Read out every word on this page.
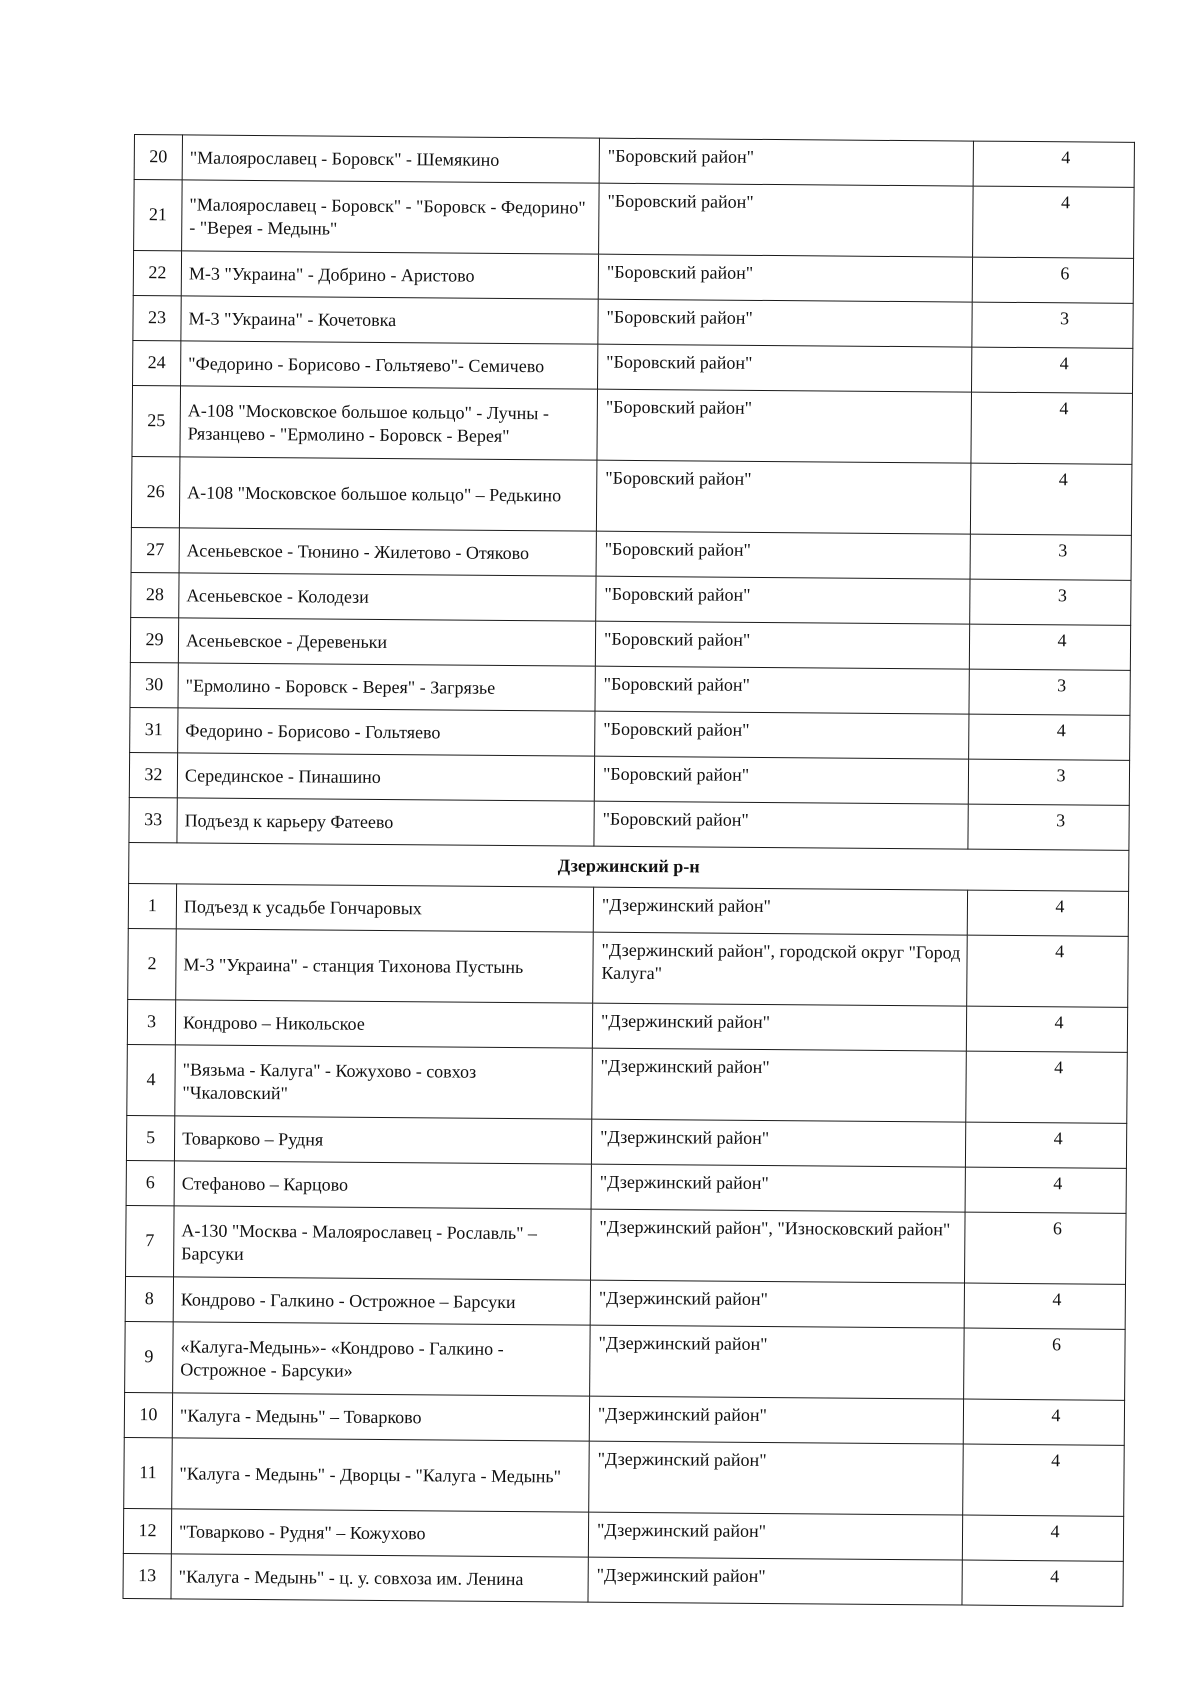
20	"Малоярославец - Боровск" - Шемякино	"Боровский район"	4
21	"Малоярославец - Боровск" - "Боровск - Федорино" - "Верея - Медынь"	"Боровский район"	4
22	М-3 "Украина" - Добрино - Аристово	"Боровский район"	6
23	М-3 "Украина" - Кочетовка	"Боровский район"	3
24	"Федорино - Борисово - Гольтяево"- Семичево	"Боровский район"	4
25	А-108 "Московское большое кольцо" - Лучны - Рязанцево - "Ермолино - Боровск - Верея"	"Боровский район"	4
26	А-108 "Московское большое кольцо" – Редькино	"Боровский район"	4
27	Асеньевское - Тюнино - Жилетово - Отяково	"Боровский район"	3
28	Асеньевское - Колодези	"Боровский район"	3
29	Асеньевское - Деревеньки	"Боровский район"	4
30	"Ермолино - Боровск - Верея" - Загрязье	"Боровский район"	3
31	Федорино - Борисово - Гольтяево	"Боровский район"	4
32	Серединское - Пинашино	"Боровский район"	3
33	Подъезд к карьеру Фатеево	"Боровский район"	3
Дзержинский р-н			
1	Подъезд к усадьбе Гончаровых	"Дзержинский район"	4
2	М-3 "Украина" - станция Тихонова Пустынь	"Дзержинский район", городской округ "Город Калуга"	4
3	Кондрово – Никольское	"Дзержинский район"	4
4	"Вязьма - Калуга" - Кожухово - совхоз "Чкаловский"	"Дзержинский район"	4
5	Товарково – Рудня	"Дзержинский район"	4
6	Стефаново – Карцово	"Дзержинский район"	4
7	А-130 "Москва - Малоярославец - Рославль" – Барсуки	"Дзержинский район", "Износковский район"	6
8	Кондрово - Галкино - Острожное – Барсуки	"Дзержинский район"	4
9	«Калуга-Медынь»- «Кондрово - Галкино - Острожное - Барсуки»	"Дзержинский район"	6
10	"Калуга - Медынь" – Товарково	"Дзержинский район"	4
11	"Калуга - Медынь" - Дворцы - "Калуга - Медынь"	"Дзержинский район"	4
12	"Товарково - Рудня" – Кожухово	"Дзержинский район"	4
13	"Калуга - Медынь" - ц. у. совхоза им. Ленина	"Дзержинский район"	4
